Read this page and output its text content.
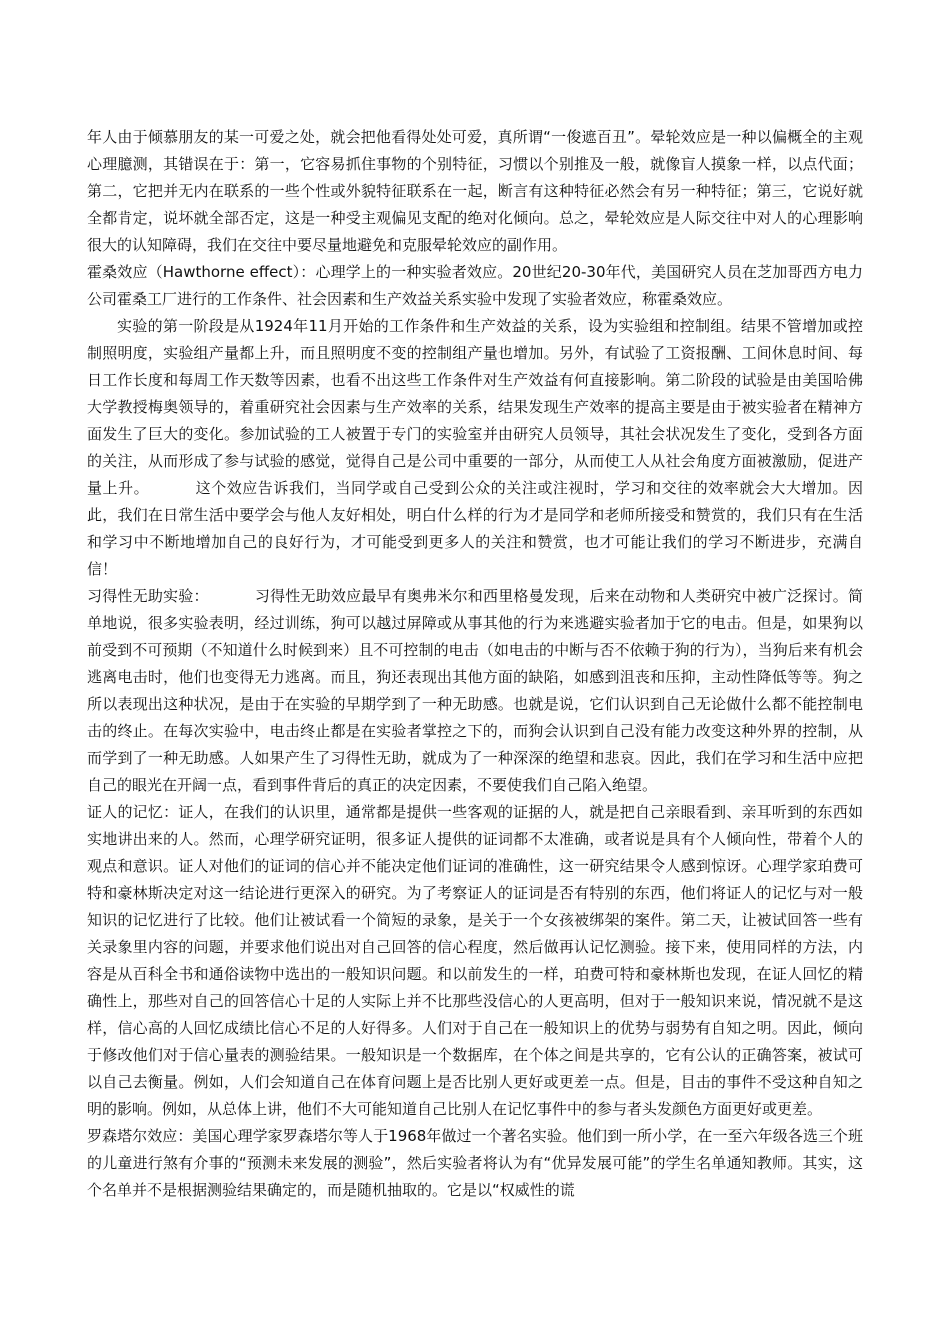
年人由于倾慕朋友的某一可爱之处，就会把他看得处处可爱，真所谓“一俊遮百丑”。晕轮效应是一种以偏概全的主观心理臆测，其错误在于：第一，它容易抓住事物的个别特征，习惯以个别推及一般，就像盲人摸象一样，以点代面；第二，它把并无内在联系的一些个性或外貌特征联系在一起，断言有这种特征必然会有另一种特征；第三，它说好就全都肯定，说坏就全部否定，这是一种受主观偏见支配的绝对化倾向。总之，晕轮效应是人际交往中对人的心理影响很大的认知障碍，我们在交往中要尽量地避免和克服晕轮效应的副作用。

霍桑效应（Hawthorne effect）：心理学上的一种实验者效应。20世纪20-30年代，美国研究人员在芝加哥西方电力公司霍桑工厂进行的工作条件、社会因素和生产效益关系实验中发现了实验者效应，称霍桑效应。

实验的第一阶段是从1924年11月开始的工作条件和生产效益的关系，设为实验组和控制组。结果不管增加或控制照明度，实验组产量都上升，而且照明度不变的控制组产量也增加。另外，有试验了工资报酬、工间休息时间、每日工作长度和每周工作天数等因素，也看不出这些工作条件对生产效益有何直接影响。第二阶段的试验是由美国哈佛大学教授梅奥领导的，着重研究社会因素与生产效率的关系，结果发现生产效率的提高主要是由于被实验者在精神方面发生了巨大的变化。参加试验的工人被置于专门的实验室并由研究人员领导，其社会状况发生了变化，受到各方面的关注，从而形成了参与试验的感觉，觉得自己是公司中重要的一部分，从而使工人从社会角度方面被激励，促进产量上升。	这个效应告诉我们，当同学或自己受到公众的关注或注视时，学习和交往的效率就会大大增加。因此，我们在日常生活中要学会与他人友好相处，明白什么样的行为才是同学和老师所接受和赞赏的，我们只有在生活和学习中不断地增加自己的良好行为，才可能受到更多人的关注和赞赏，也才可能让我们的学习不断进步，充满自信！

习得性无助实验：	习得性无助效应最早有奥弗米尔和西里格曼发现，后来在动物和人类研究中被广泛探讨。简单地说，很多实验表明，经过训练，狗可以越过屏障或从事其他的行为来逃避实验者加于它的电击。但是，如果狗以前受到不可预期（不知道什么时候到来）且不可控制的电击（如电击的中断与否不依赖于狗的行为），当狗后来有机会逃离电击时，他们也变得无力逃离。而且，狗还表现出其他方面的缺陷，如感到沮丧和压抑，主动性降低等等。狗之所以表现出这种状况，是由于在实验的早期学到了一种无助感。也就是说，它们认识到自己无论做什么都不能控制电击的终止。在每次实验中，电击终止都是在实验者掌控之下的，而狗会认识到自己没有能力改变这种外界的控制，从而学到了一种无助感。人如果产生了习得性无助，就成为了一种深深的绝望和悲哀。因此，我们在学习和生活中应把自己的眼光在开阔一点，看到事件背后的真正的决定因素，不要使我们自己陷入绝望。

证人的记忆：证人，在我们的认识里，通常都是提供一些客观的证据的人，就是把自己亲眼看到、亲耳听到的东西如实地讲出来的人。然而，心理学研究证明，很多证人提供的证词都不太准确，或者说是具有个人倾向性，带着个人的观点和意识。证人对他们的证词的信心并不能决定他们证词的准确性，这一研究结果令人感到惊讶。心理学家珀费可特和豪林斯决定对这一结论进行更深入的研究。为了考察证人的证词是否有特别的东西，他们将证人的记忆与对一般知识的记忆进行了比较。他们让被试看一个简短的录象，是关于一个女孩被绑架的案件。第二天，让被试回答一些有关录象里内容的问题，并要求他们说出对自己回答的信心程度，然后做再认记忆测验。接下来，使用同样的方法，内容是从百科全书和通俗读物中选出的一般知识问题。和以前发生的一样，珀费可特和豪林斯也发现，在证人回忆的精确性上，那些对自己的回答信心十足的人实际上并不比那些没信心的人更高明，但对于一般知识来说，情况就不是这样，信心高的人回忆成绩比信心不足的人好得多。人们对于自己在一般知识上的优势与弱势有自知之明。因此，倾向于修改他们对于信心量表的测验结果。一般知识是一个数据库，在个体之间是共享的，它有公认的正确答案，被试可以自己去衡量。例如，人们会知道自己在体育问题上是否比别人更好或更差一点。但是，目击的事件不受这种自知之明的影响。例如，从总体上讲，他们不大可能知道自己比别人在记忆事件中的参与者头发颜色方面更好或更差。

罗森塔尔效应：美国心理学家罗森塔尔等人于1968年做过一个著名实验。他们到一所小学，在一至六年级各选三个班的儿童进行煞有介事的“预测未来发展的测验”，然后实验者将认为有“优异发展可能”的学生名单通知教师。其实，这个名单并不是根据测验结果确定的，而是随机抽取的。它是以“权威性的谎
